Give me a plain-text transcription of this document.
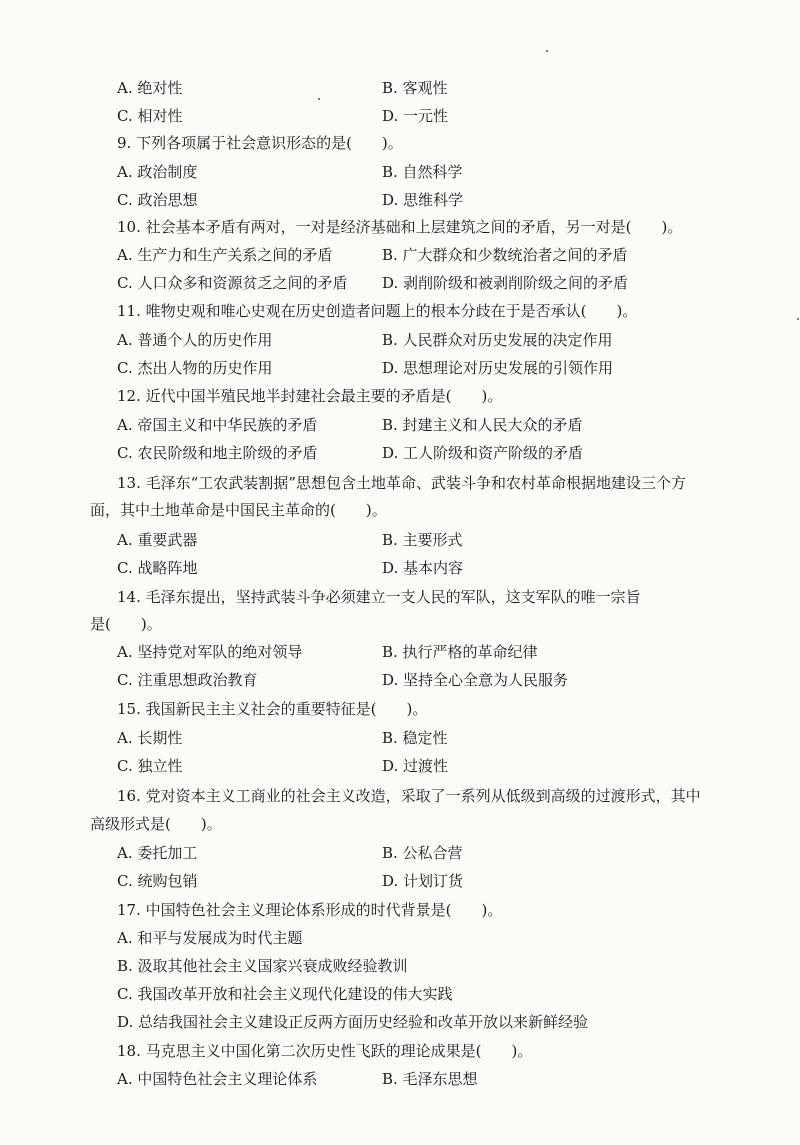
A. 绝对性	B. 客观性
C. 相对性	D. 一元性
9. 下列各项属于社会意识形态的是(　　)。
A. 政治制度	B. 自然科学
C. 政治思想	D. 思维科学
10. 社会基本矛盾有两对，一对是经济基础和上层建筑之间的矛盾，另一对是(　　)。
A. 生产力和生产关系之间的矛盾	B. 广大群众和少数统治者之间的矛盾
C. 人口众多和资源贫乏之间的矛盾 D. 剥削阶级和被剥削阶级之间的矛盾
11. 唯物史观和唯心史观在历史创造者问题上的根本分歧在于是否承认(　　)。
A. 普通个人的历史作用	B. 人民群众对历史发展的决定作用
C. 杰出人物的历史作用	D. 思想理论对历史发展的引领作用
12. 近代中国半殖民地半封建社会最主要的矛盾是(　　)。
A. 帝国主义和中华民族的矛盾	B. 封建主义和人民大众的矛盾
C. 农民阶级和地主阶级的矛盾	D. 工人阶级和资产阶级的矛盾
13. 毛泽东“工农武装割据”思想包含土地革命、武装斗争和农村革命根据地建设三个方
面，其中土地革命是中国民主革命的(　　)。
A. 重要武器	B. 主要形式
C. 战略阵地	D. 基本内容
14. 毛泽东提出，坚持武装斗争必须建立一支人民的军队，这支军队的唯一宗旨
是(　　)。
A. 坚持党对军队的绝对领导	B. 执行严格的革命纪律
C. 注重思想政治教育	D. 坚持全心全意为人民服务
15. 我国新民主主义社会的重要特征是(　　)。
A. 长期性	B. 稳定性
C. 独立性	D. 过渡性
16. 党对资本主义工商业的社会主义改造，采取了一系列从低级到高级的过渡形式，其中
高级形式是(　　)。
A. 委托加工	B. 公私合营
C. 统购包销	D. 计划订货
17. 中国特色社会主义理论体系形成的时代背景是(　　)。
A. 和平与发展成为时代主题
B. 汲取其他社会主义国家兴衰成败经验教训
C. 我国改革开放和社会主义现代化建设的伟大实践
D. 总结我国社会主义建设正反两方面历史经验和改革开放以来新鲜经验
18. 马克思主义中国化第二次历史性飞跃的理论成果是(　　)。
A. 中国特色社会主义理论体系	B. 毛泽东思想
